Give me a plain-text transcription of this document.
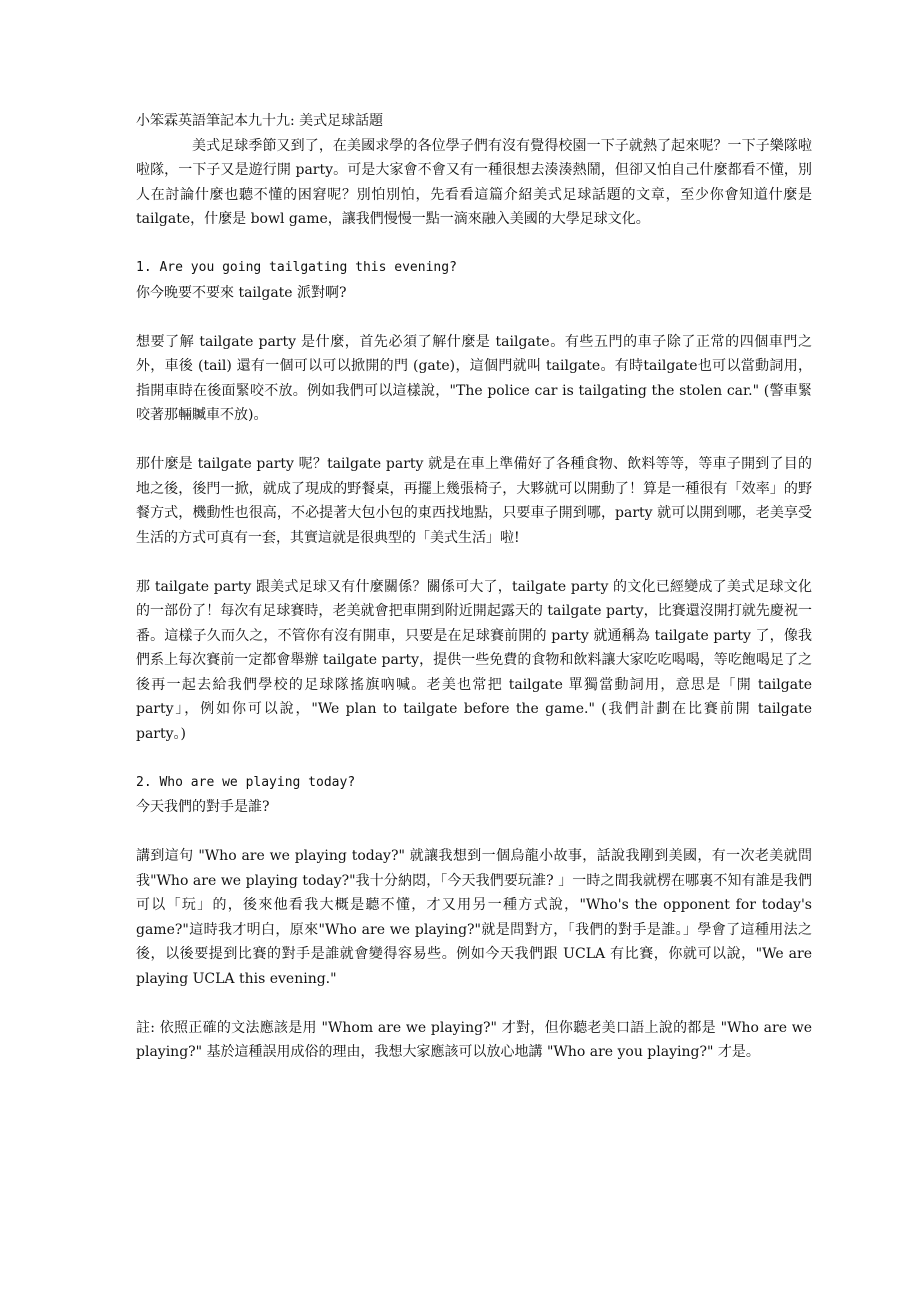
小笨霖英語筆記本九十九: 美式足球話題

美式足球季節又到了，在美國求學的各位學子們有沒有覺得校園一下子就熱了起來呢？一下子樂隊啦啦隊，一下子又是遊行開 party。可是大家會不會又有一種很想去湊湊熱鬧，但卻又怕自己什麼都看不懂，別人在討論什麼也聽不懂的困窘呢？別怕別怕，先看看這篇介紹美式足球話題的文章，至少你會知道什麼是 tailgate，什麼是 bowl game，讓我們慢慢一點一滴來融入美國的大學足球文化。

1. Are you going tailgating this evening?

你今晚要不要來 tailgate 派對啊?

想要了解 tailgate party 是什麼，首先必須了解什麼是 tailgate。有些五門的車子除了正常的四個車門之外，車後 (tail) 還有一個可以可以掀開的門 (gate)，這個門就叫 tailgate。有時tailgate也可以當動詞用，指開車時在後面緊咬不放。例如我們可以這樣說，"The police car is tailgating the stolen car." (警車緊咬著那輛贓車不放)。

那什麼是 tailgate party 呢？tailgate party 就是在車上準備好了各種食物、飲料等等，等車子開到了目的地之後，後門一掀，就成了現成的野餐桌，再擺上幾張椅子，大夥就可以開動了！算是一種很有「效率」的野餐方式，機動性也很高，不必提著大包小包的東西找地點，只要車子開到哪，party 就可以開到哪，老美享受生活的方式可真有一套，其實這就是很典型的「美式生活」啦!

那 tailgate party 跟美式足球又有什麼關係？關係可大了，tailgate party 的文化已經變成了美式足球文化的一部份了！每次有足球賽時，老美就會把車開到附近開起露天的 tailgate party，比賽還沒開打就先慶祝一番。這樣子久而久之，不管你有沒有開車，只要是在足球賽前開的 party 就通稱為 tailgate party 了，像我們系上每次賽前一定都會舉辦 tailgate party，提供一些免費的食物和飲料讓大家吃吃喝喝，等吃飽喝足了之後再一起去給我們學校的足球隊搖旗吶喊。老美也常把 tailgate 單獨當動詞用，意思是「開 tailgate party」，例如你可以說，"We plan to tailgate before the game." (我們計劃在比賽前開 tailgate party。)

2. Who are we playing today?

今天我們的對手是誰?

講到這句 "Who are we playing today?" 就讓我想到一個烏龍小故事，話說我剛到美國，有一次老美就問我"Who are we playing today?"我十分納悶，「今天我們要玩誰? 」一時之間我就楞在哪裏不知有誰是我們可以「玩」的，後來他看我大概是聽不懂，才又用另一種方式說，"Who's the opponent for today's game?"這時我才明白，原來"Who are we playing?"就是問對方，「我們的對手是誰。」學會了這種用法之後，以後要提到比賽的對手是誰就會變得容易些。例如今天我們跟 UCLA 有比賽，你就可以說，"We are playing UCLA this evening."

註: 依照正確的文法應該是用 "Whom are we playing?" 才對，但你聽老美口語上說的都是 "Who are we playing?" 基於這種誤用成俗的理由，我想大家應該可以放心地講 "Who are you playing?" 才是。
